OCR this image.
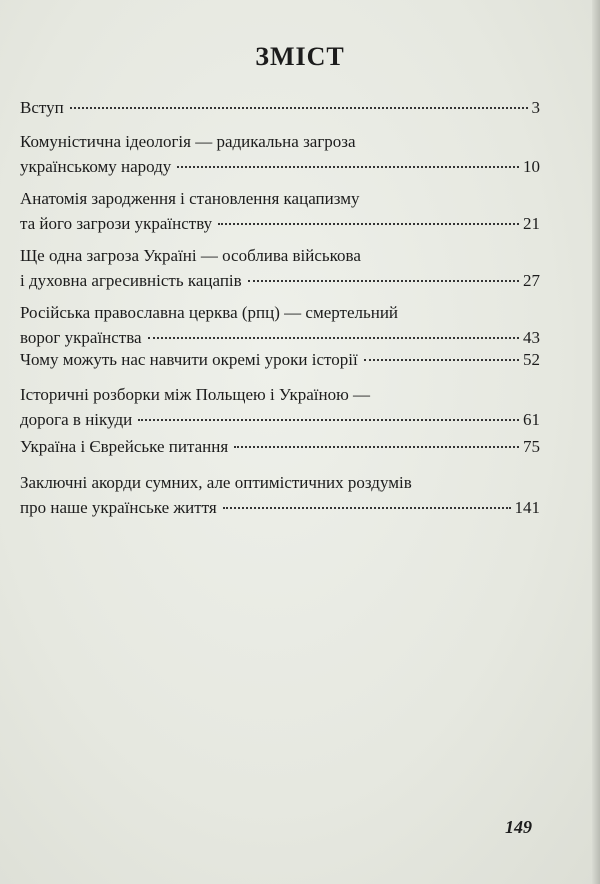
ЗМІСТ
Вступ	3
Комуністична ідеологія — радикальна загроза
українському народу	10
Анатомія зародження і становлення кацапизму
та його загрози українству	21
Ще одна загроза Україні — особлива військова
і духовна агресивність кацапів	27
Російська православна церква (рпц) — смертельний
ворог українства	43
Чому можуть нас навчити окремі уроки історії	52
Історичні розборки між Польщею і Україною —
дорога в нікуди	61
Україна і Єврейське питання	75
Заключні акорди сумних, але оптимістичних роздумів
про наше українське життя	141
149
